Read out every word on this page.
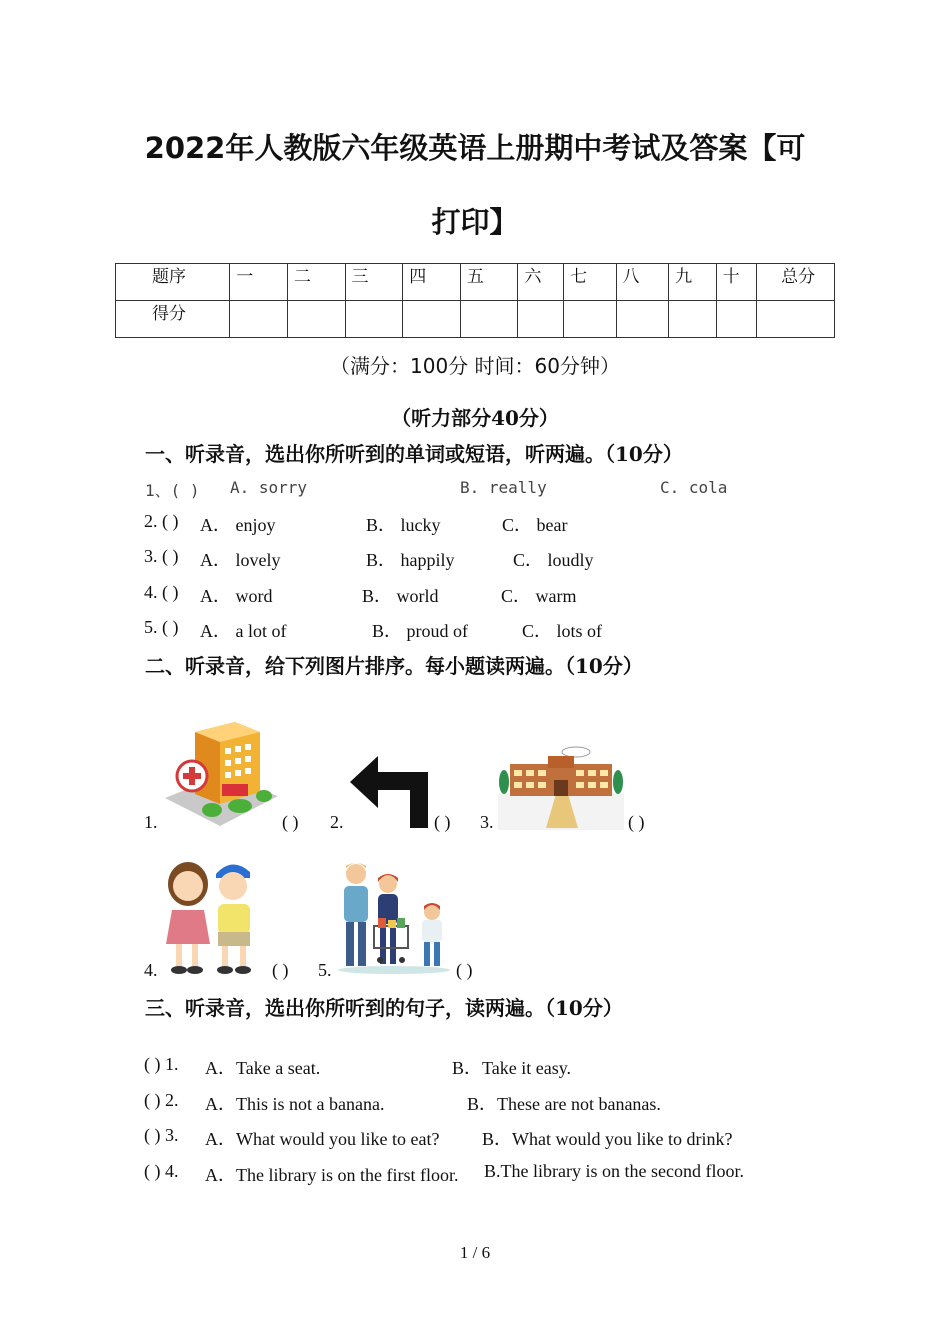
2022年人教版六年级英语上册期中考试及答案【可
打印】
题序	一	二	三	四	五	六	七	八	九	十	总分
得分											
（满分：100分 时间：60分钟）
（听力部分40分）
一、听录音，选出你所听到的单词或短语，听两遍。（10分）
1、( ) A. sorry	B. really	C. cola
2. ( ) A． enjoy	B． lucky	C． bear
3. ( ) A． lovely	B． happily	C． loudly
4. ( ) A． word	B． world	C． warm
5. ( ) A． a lot of	B． proud of	C． lots of
二、听录音，给下列图片排序。每小题读两遍。（10分）
1.	( ) 2.	( ) 3.	( )
4.	( ) 5.	( )
三、听录音，选出你所听到的句子，读两遍。（10分）
( ) 1. A．Take a seat.	B．Take it easy.
( ) 2. A．This is not a banana.	B．These are not bananas.
( ) 3. A．What would you like to eat? B．What would you like to drink?
( ) 4. A．The library is on the first floor. B.The library is on the second floor.
1 / 6
